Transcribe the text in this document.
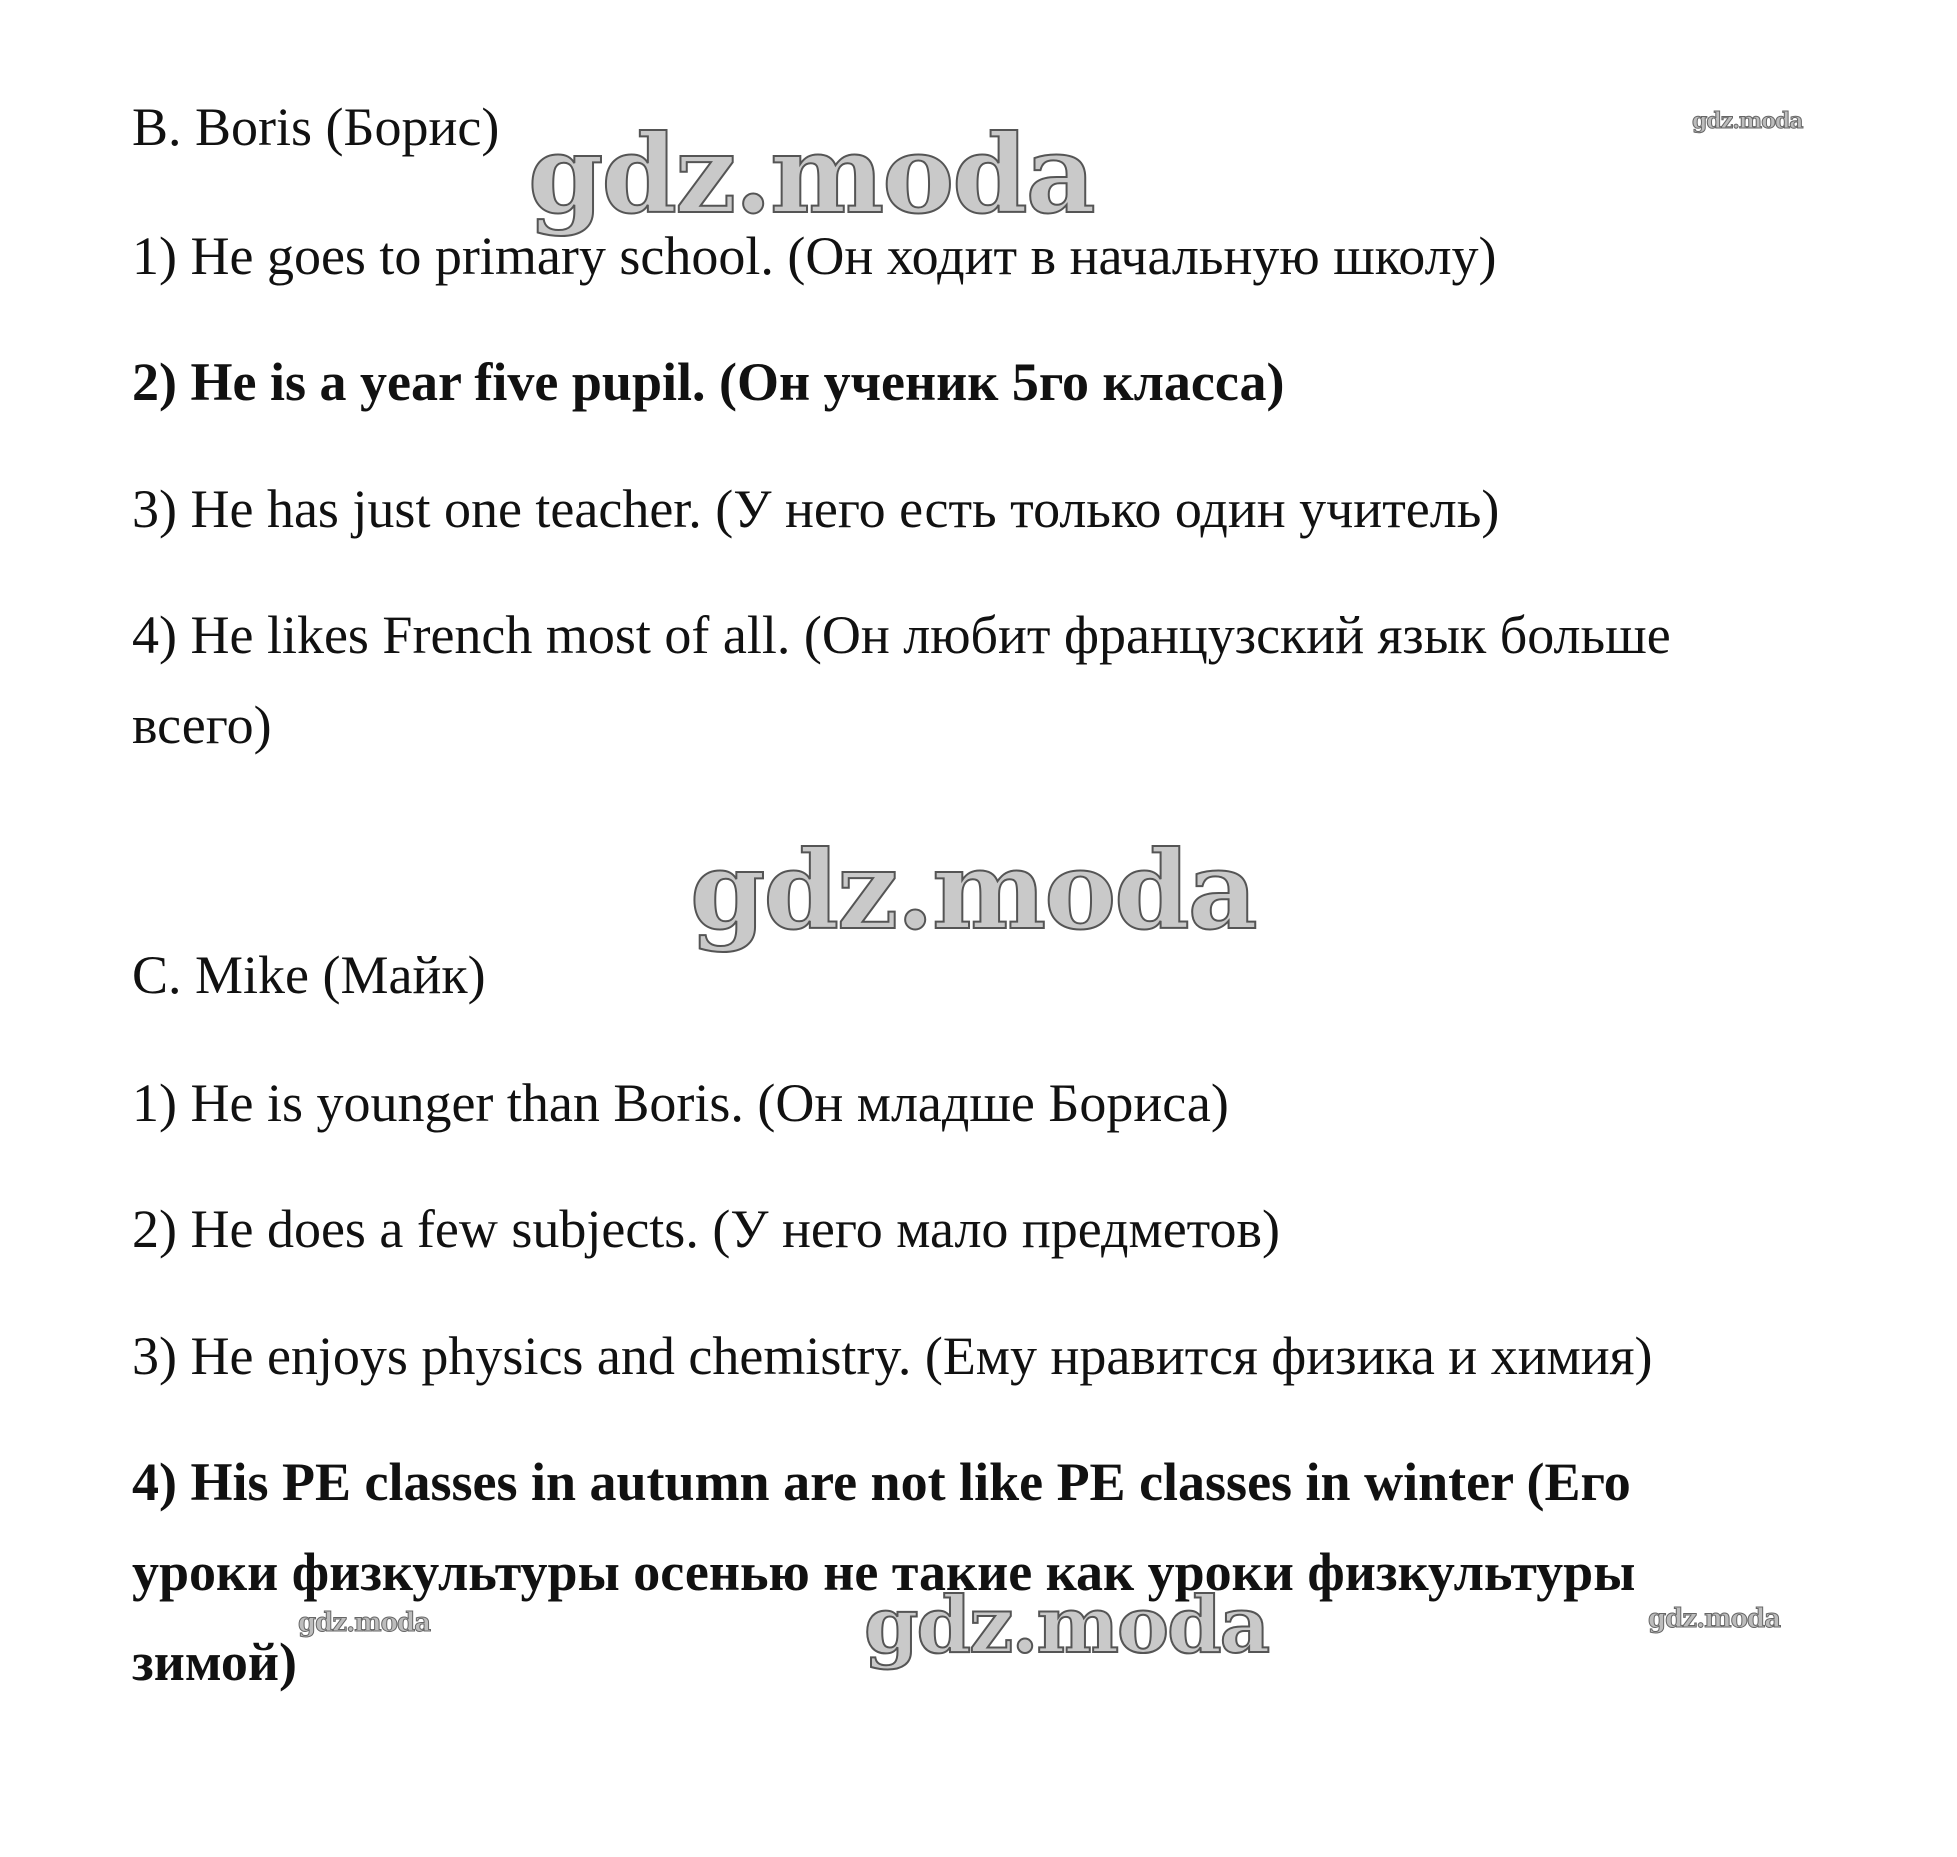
B. Boris (Борис)
1) He goes to primary school. (Он ходит в начальную школу)
2) He is a year five pupil. (Он ученик 5го класса)
3) He has just one teacher. (У него есть только один учитель)
4) He likes French most of all. (Он любит французский язык больше
всего)
C. Mike (Майк)
1) He is younger than Boris. (Он младше Бориса)
2) He does a few subjects. (У него мало предметов)
3) He enjoys physics and chemistry. (Ему нравится физика и химия)
4) His PE classes in autumn are not like PE classes in winter (Его
уроки физкультуры осенью не такие как уроки физкультуры
зимой)
gdz.moda
gdz.moda
gdz.moda
gdz.moda
gdz.moda	gdz.moda
